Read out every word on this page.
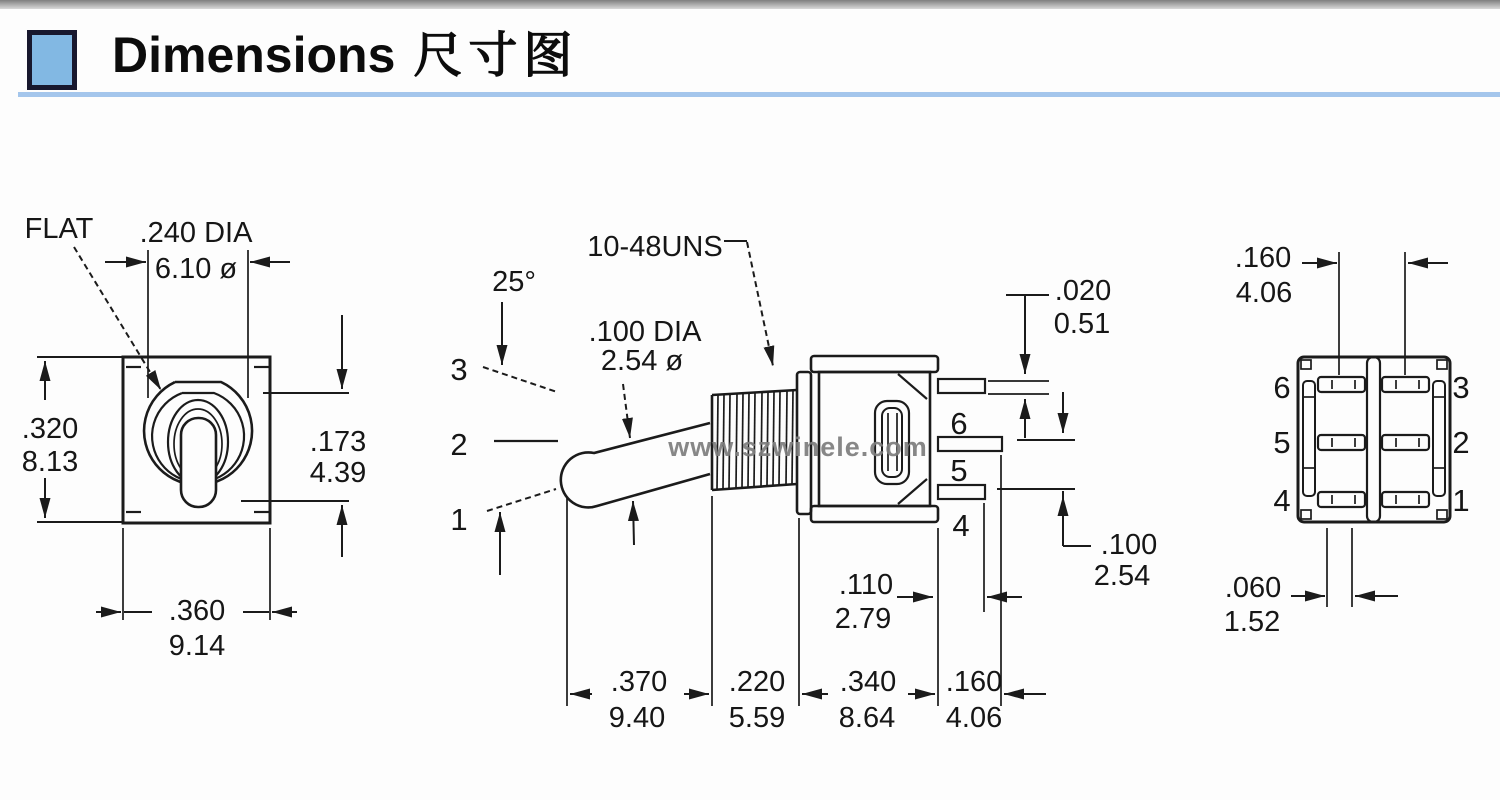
Dimensions 尺寸图
FLAT .240 DIA
6.10 ø
.320
8.13
.173
4.39
.360
9.14
25°
3
2
1
.100 DIA
2.54 ø
10-48UNS
6
5
4
.020
0.51
.100
2.54
.110
2.79
.370
9.40
.220
5.59
.340
8.64
.160
4.06
www.szwinele.com
.160
4.06
6
5
4
3
2
1
.060
1.52
